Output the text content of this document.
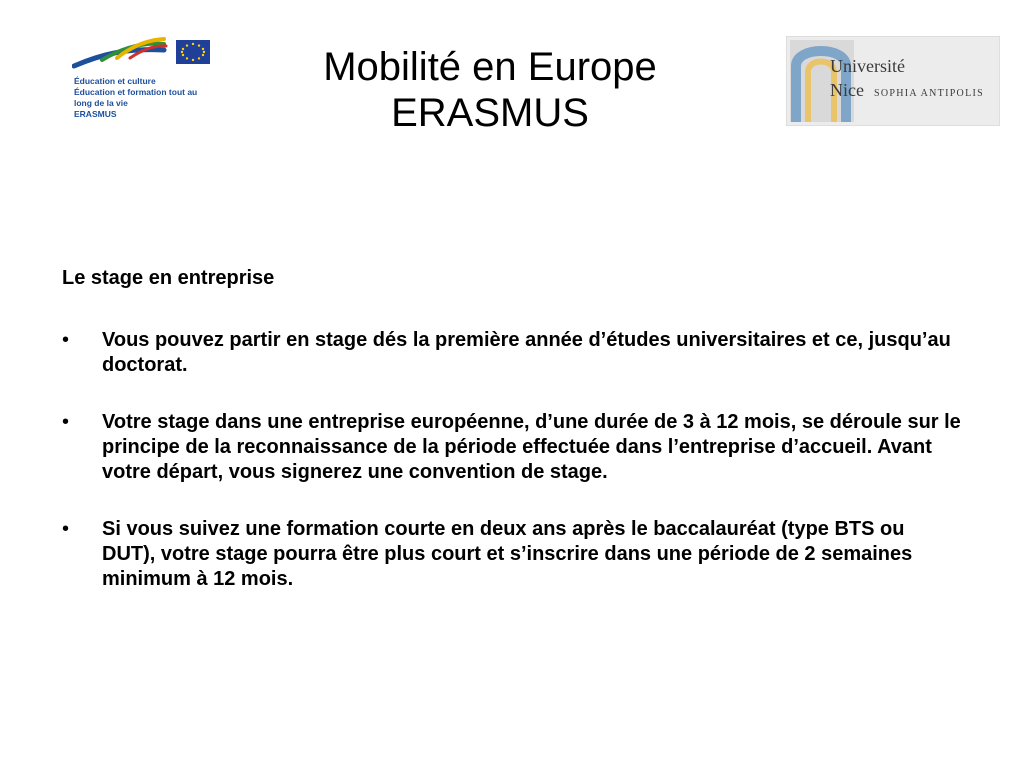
Éducation et culture
Éducation et formation tout au
long de la vie
ERASMUS
Mobilité en Europe
ERASMUS
Université
Nice SOPHIA ANTIPOLIS
Le stage en entreprise
•	Vous pouvez partir en stage dés la première année d’études universitaires et ce, jusqu’au doctorat.
•	Votre stage dans une entreprise européenne, d’une durée de 3 à 12 mois, se déroule sur le principe de la reconnaissance de la période effectuée dans l’entreprise d’accueil. Avant votre départ, vous signerez une convention de stage.
•	Si vous suivez une formation courte en deux ans après le baccalauréat (type BTS ou DUT), votre stage pourra être plus court et s’inscrire dans une période de 2 semaines minimum à 12 mois.
